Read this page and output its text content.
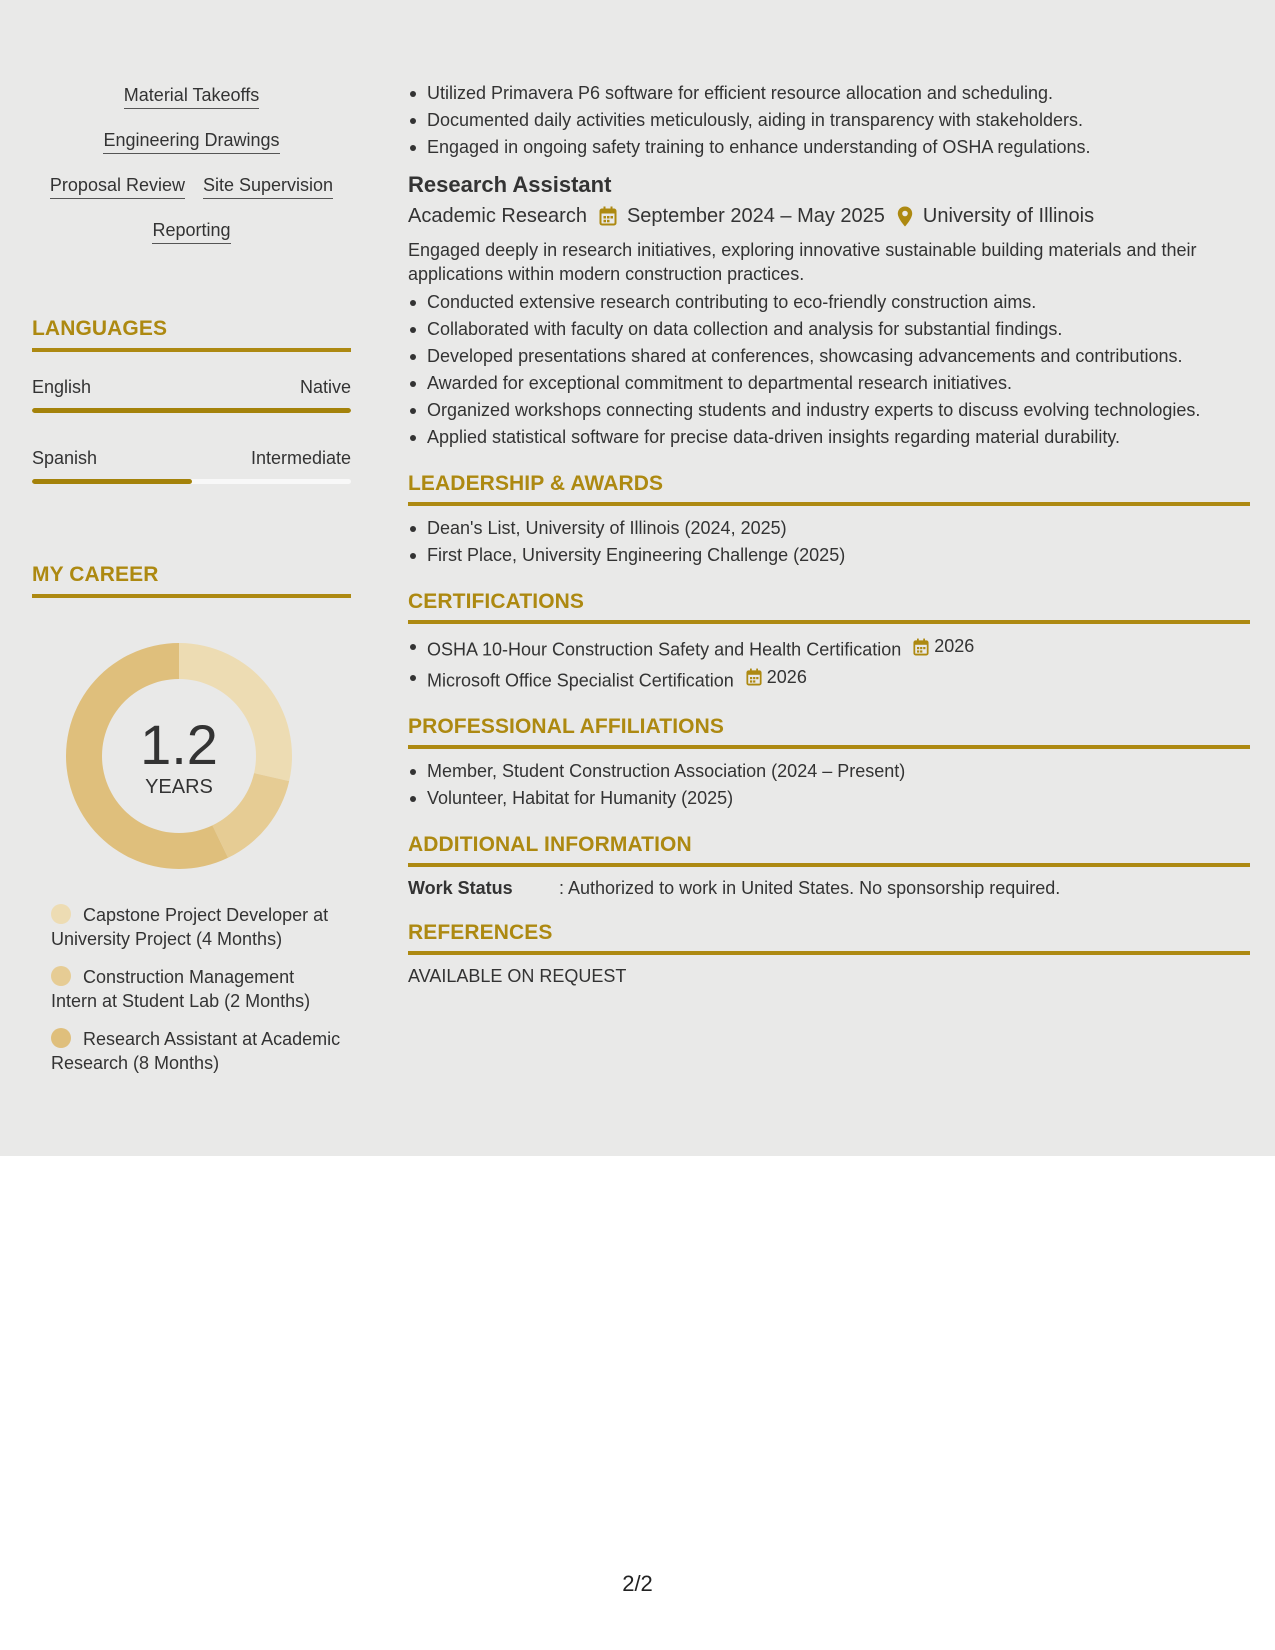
Material Takeoffs
Engineering Drawings
Proposal Review Site Supervision
Reporting
LANGUAGES
English	Native
Spanish	Intermediate
MY CAREER
1.2
YEARS
Capstone Project Developer at University Project (4 Months)
Construction Management Intern at Student Lab (2 Months)
Research Assistant at Academic Research (8 Months)
Utilized Primavera P6 software for efficient resource allocation and scheduling.
Documented daily activities meticulously, aiding in transparency with stakeholders.
Engaged in ongoing safety training to enhance understanding of OSHA regulations.
Research Assistant
Academic Research September 2024 – May 2025 University of Illinois
Engaged deeply in research initiatives, exploring innovative sustainable building materials and their applications within modern construction practices.
Conducted extensive research contributing to eco-friendly construction aims.
Collaborated with faculty on data collection and analysis for substantial findings.
Developed presentations shared at conferences, showcasing advancements and contributions.
Awarded for exceptional commitment to departmental research initiatives.
Organized workshops connecting students and industry experts to discuss evolving technologies.
Applied statistical software for precise data-driven insights regarding material durability.
LEADERSHIP & AWARDS
Dean's List, University of Illinois (2024, 2025)
First Place, University Engineering Challenge (2025)
CERTIFICATIONS
OSHA 10-Hour Construction Safety and Health Certification 2026
Microsoft Office Specialist Certification 2026
PROFESSIONAL AFFILIATIONS
Member, Student Construction Association (2024 – Present)
Volunteer, Habitat for Humanity (2025)
ADDITIONAL INFORMATION
Work Status	: Authorized to work in United States. No sponsorship required.
REFERENCES
AVAILABLE ON REQUEST
2/2
